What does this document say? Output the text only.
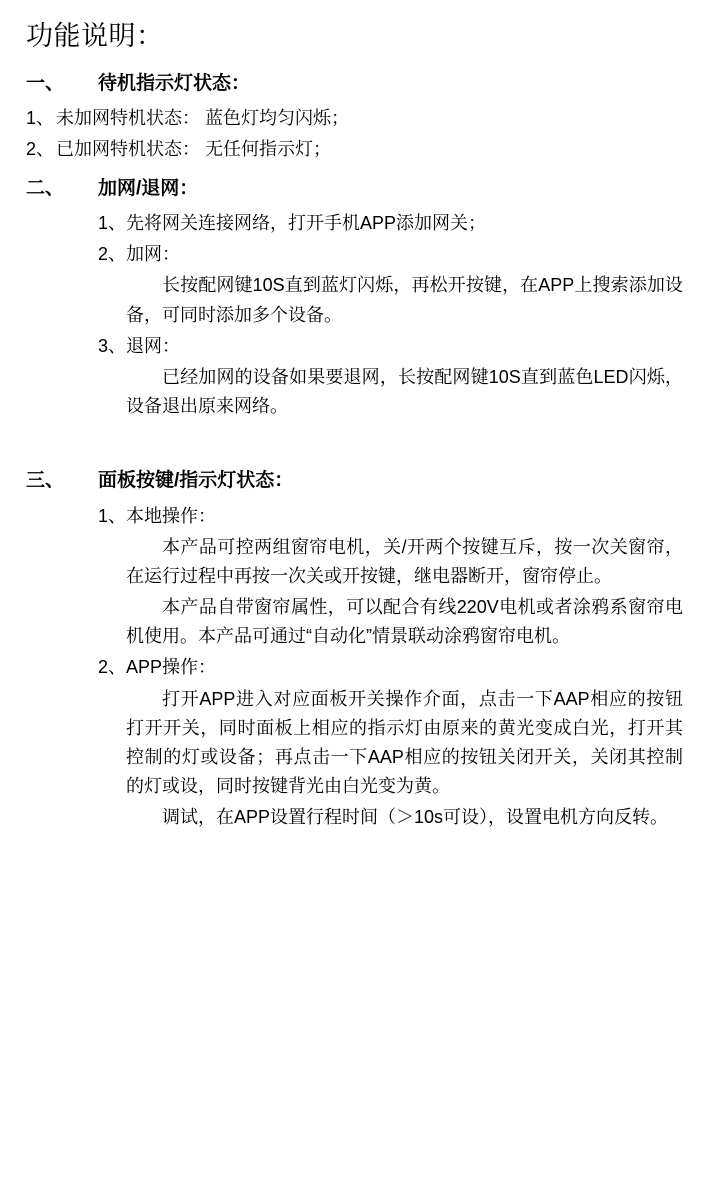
功能说明：
一、	待机指示灯状态：
1、 未加网特机状态： 蓝色灯均匀闪烁；
2、 已加网特机状态： 无任何指示灯；
二、	加网/退网：
1、 先将网关连接网络，打开手机APP添加网关；
2、 加网：

长按配网键10S直到蓝灯闪烁，再松开按键，在APP上搜索添加设备，可同时添加多个设备。

3、 退网：

已经加网的设备如果要退网，长按配网键10S直到蓝色LED闪烁，设备退出原来网络。

三、	面板按键/指示灯状态：
1、 本地操作：

本产品可控两组窗帘电机，关/开两个按键互斥，按一次关窗帘，在运行过程中再按一次关或开按键，继电器断开，窗帘停止。

本产品自带窗帘属性，可以配合有线220V电机或者涂鸦系窗帘电机使用。本产品可通过“自动化”情景联动涂鸦窗帘电机。

2、 APP操作：

打开APP进入对应面板开关操作介面，点击一下AAP相应的按钮打开开关，同时面板上相应的指示灯由原来的黄光变成白光，打开其控制的灯或设备；再点击一下AAP相应的按钮关闭开关，关闭其控制的灯或设，同时按键背光由白光变为黄。

调试，在APP设置行程时间（＞10s可设），设置电机方向反转。
